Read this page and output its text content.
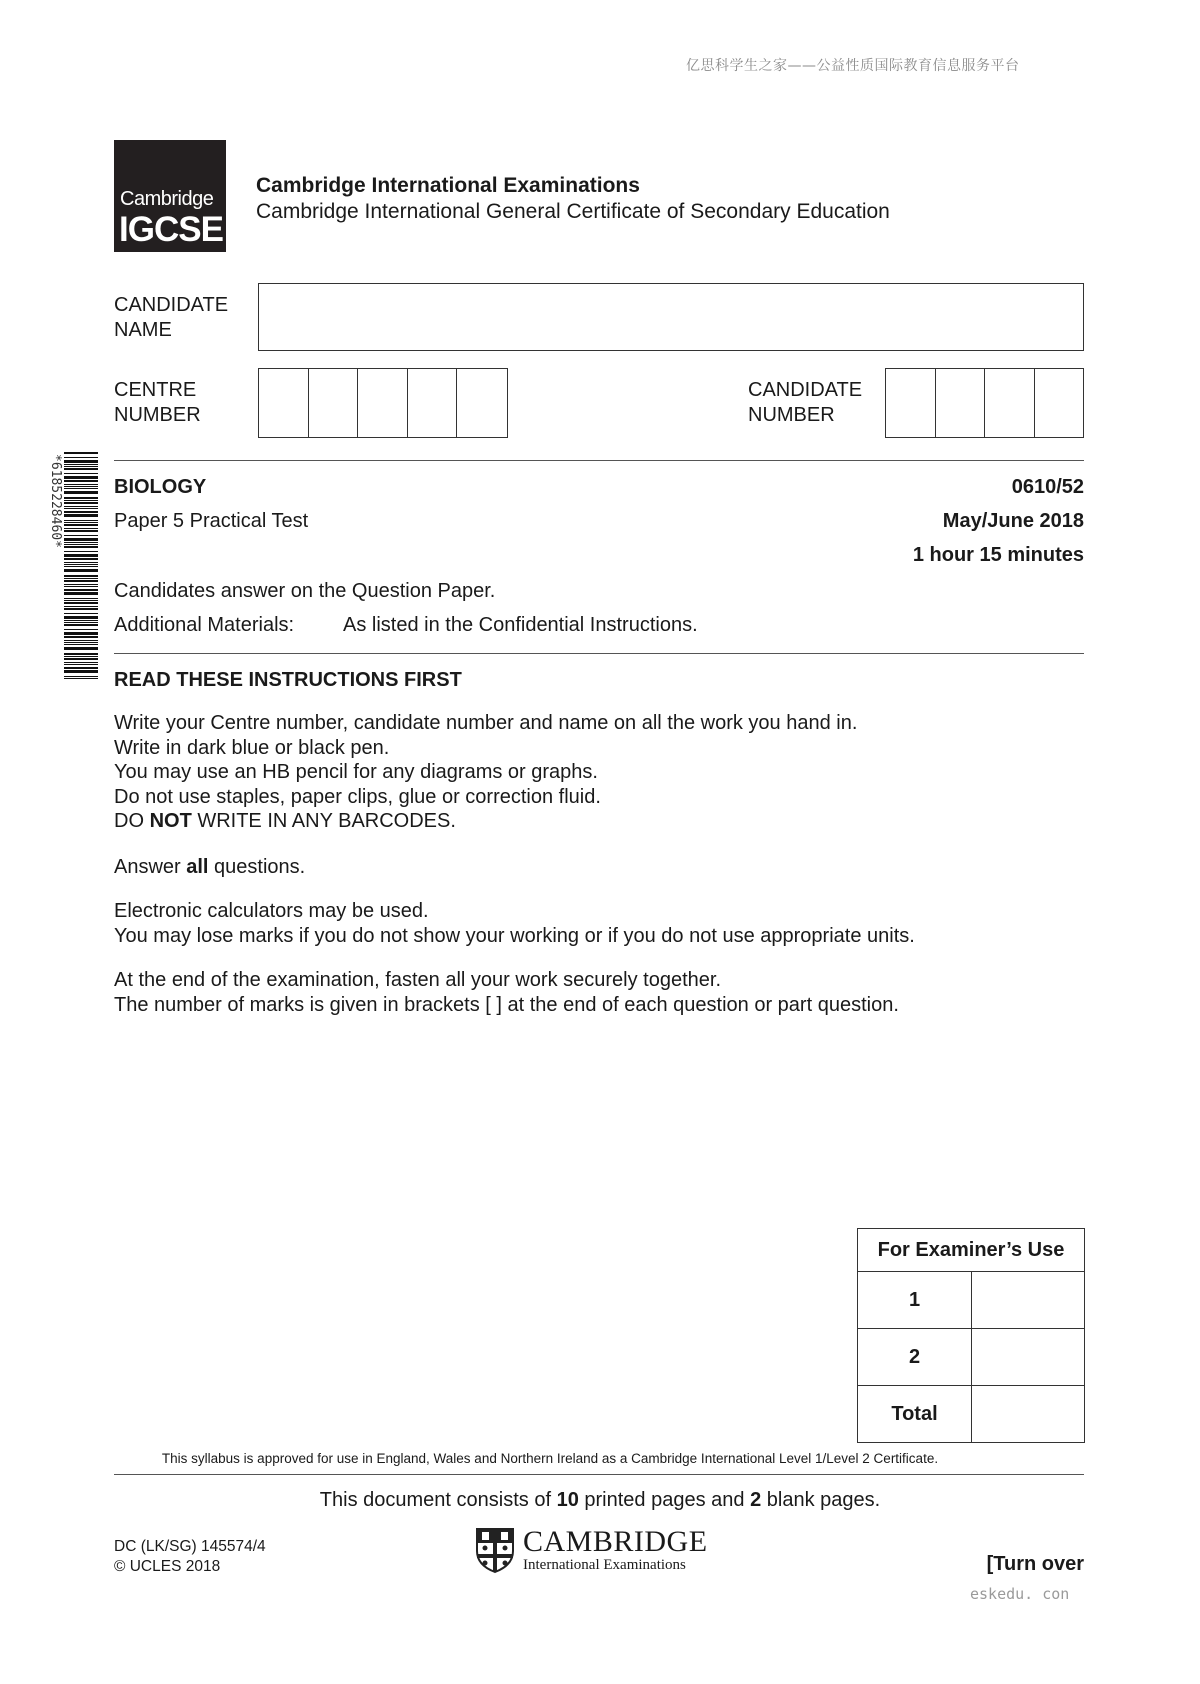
亿思科学生之家——公益性质国际教育信息服务平台
Cambridge
IGCSE
Cambridge International Examinations
Cambridge International General Certificate of Secondary Education
CANDIDATE
NAME
CENTRE
NUMBER
CANDIDATE
NUMBER
*6185228460*	BIOLOGY	0610/52
Paper 5 Practical Test	May/June 2018
1 hour 15 minutes
Candidates answer on the Question Paper.
Additional Materials: As listed in the Confidential Instructions.
READ THESE INSTRUCTIONS FIRST

Write your Centre number, candidate number and name on all the work you hand in.

Write in dark blue or black pen.

You may use an HB pencil for any diagrams or graphs.

Do not use staples, paper clips, glue or correction fluid.

DO NOT WRITE IN ANY BARCODES.

Answer all questions.

Electronic calculators may be used.

You may lose marks if you do not show your working or if you do not use appropriate units.

At the end of the examination, fasten all your work securely together.

The number of marks is given in brackets [ ] at the end of each question or part question.

For Examiner’s Use	
1	
2	
Total	
This syllabus is approved for use in England, Wales and Northern Ireland as a Cambridge International Level 1/Level 2 Certificate.
This document consists of 10 printed pages and 2 blank pages.
DC (LK/SG) 145574/4
© UCLES 2018
CAMBRIDGE
International Examinations	[Turn over
eskedu. con
